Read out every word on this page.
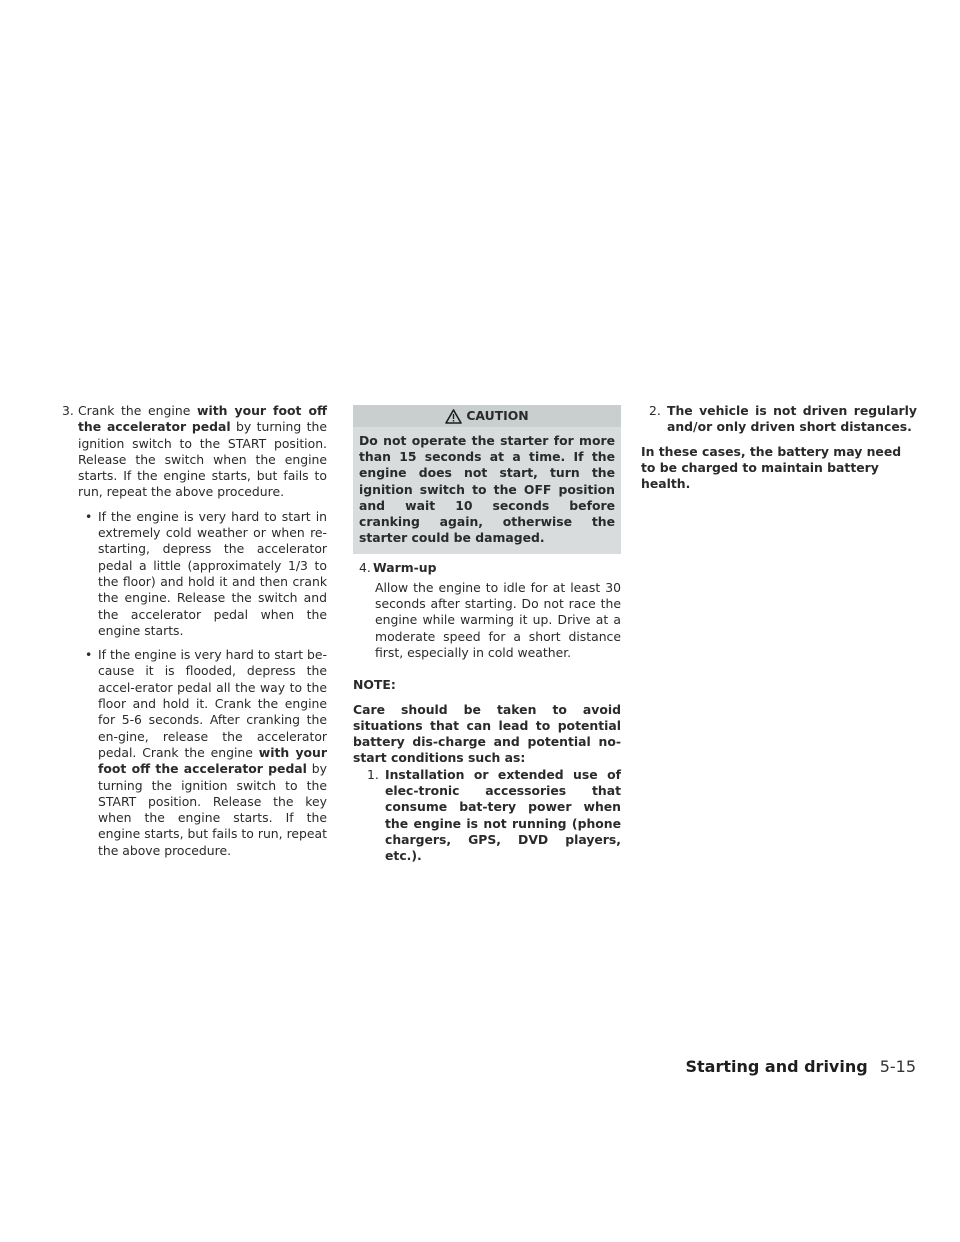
3. Crank the engine with your foot off the accelerator pedal by turning the ignition switch to the START position. Release the switch when the engine starts. If the engine starts, but fails to run, repeat the above procedure.

• If the engine is very hard to start in extremely cold weather or when re-starting, depress the accelerator pedal a little (approximately 1/3 to the floor) and hold it and then crank the engine. Release the switch and the accelerator pedal when the engine starts.

• If the engine is very hard to start be-cause it is flooded, depress the accel-erator pedal all the way to the floor and hold it. Crank the engine for 5-6 seconds. After cranking the en-gine, release the accelerator pedal. Crank the engine with your foot off the accelerator pedal by turning the ignition switch to the START position. Release the key when the engine starts. If the engine starts, but fails to run, repeat the above procedure.

CAUTION
Do not operate the starter for more than 15 seconds at a time. If the engine does not start, turn the ignition switch to the OFF position and wait 10 seconds before cranking again, otherwise the starter could be damaged.
4. Warm-up

Allow the engine to idle for at least 30 seconds after starting. Do not race the engine while warming it up. Drive at a moderate speed for a short distance first, especially in cold weather.

NOTE:

Care should be taken to avoid situations that can lead to potential battery dis-charge and potential no-start conditions such as:

1. Installation or extended use of elec-tronic accessories that consume bat-tery power when the engine is not running (phone chargers, GPS, DVD players, etc.).

2. The vehicle is not driven regularly and/or only driven short distances.

In these cases, the battery may need to be charged to maintain battery health.

Starting and driving 5-15
